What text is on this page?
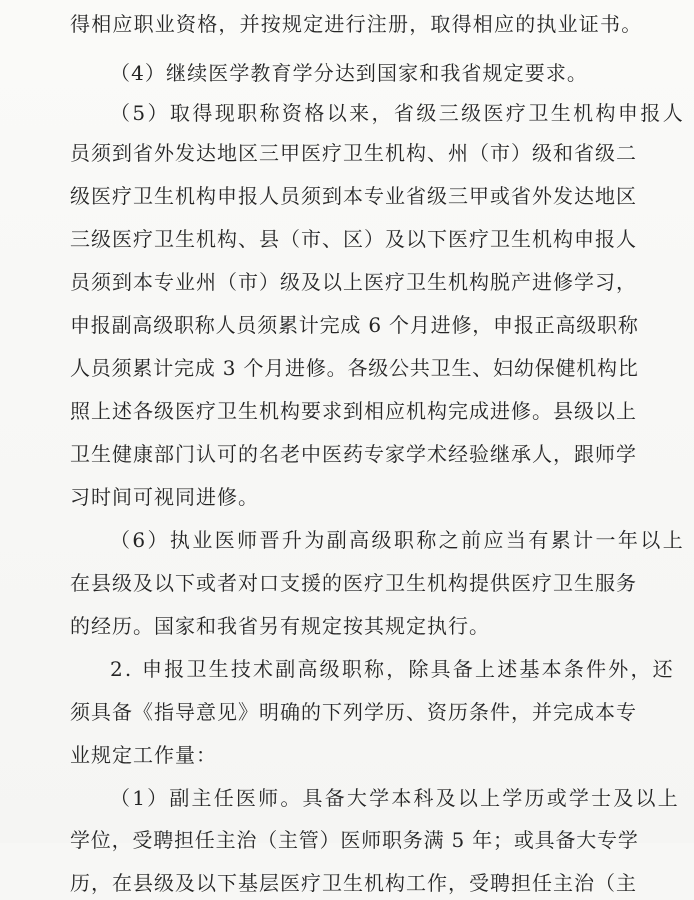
得相应职业资格，并按规定进行注册，取得相应的执业证书。
（4）继续医学教育学分达到国家和我省规定要求。
（5）取得现职称资格以来，省级三级医疗卫生机构申报人
员须到省外发达地区三甲医疗卫生机构、州（市）级和省级二
级医疗卫生机构申报人员须到本专业省级三甲或省外发达地区
三级医疗卫生机构、县（市、区）及以下医疗卫生机构申报人
员须到本专业州（市）级及以上医疗卫生机构脱产进修学习，
申报副高级职称人员须累计完成 6 个月进修，申报正高级职称
人员须累计完成 3 个月进修。各级公共卫生、妇幼保健机构比
照上述各级医疗卫生机构要求到相应机构完成进修。县级以上
卫生健康部门认可的名老中医药专家学术经验继承人，跟师学
习时间可视同进修。
（6）执业医师晋升为副高级职称之前应当有累计一年以上
在县级及以下或者对口支援的医疗卫生机构提供医疗卫生服务
的经历。国家和我省另有规定按其规定执行。
2. 申报卫生技术副高级职称，除具备上述基本条件外，还
须具备《指导意见》明确的下列学历、资历条件，并完成本专
业规定工作量：
（1）副主任医师。具备大学本科及以上学历或学士及以上
学位，受聘担任主治（主管）医师职务满 5 年；或具备大专学
历，在县级及以下基层医疗卫生机构工作，受聘担任主治（主
